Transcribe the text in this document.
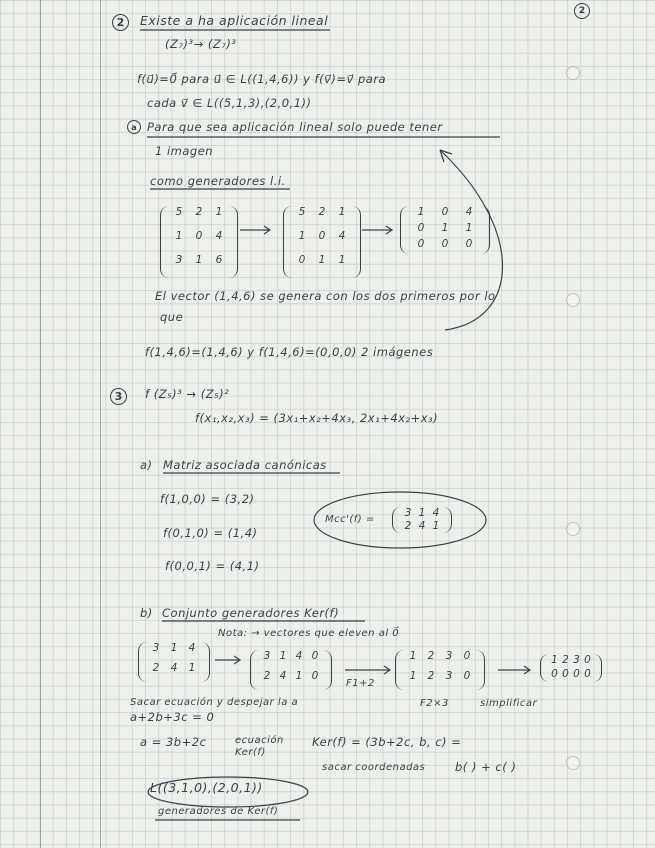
2
2	Existe a ha aplicación lineal
(Z₇)³→ (Z₇)³
f(u⃗)=0⃗ para u⃗ ∈ L((1,4,6)) y f(v⃗)=v⃗ para
cada v⃗ ∈ L((5,1,3),(2,0,1))
a Para que sea aplicación lineal solo puede tener
1 imagen
como generadores l.i.
5	2	1
1	0	4
3	1	6
5	2	1
1	0	4
0	1	1
1	0	4
0	1	1
0	0	0
El vector (1,4,6) se genera con los dos primeros por lo
que
f(1,4,6)=(1,4,6) y f(1,4,6)=(0,0,0) 2 imágenes
3	f (Z₅)³ → (Z₅)²
f(x₁,x₂,x₃) = (3x₁+x₂+4x₃, 2x₁+4x₂+x₃)
a) Matriz asociada canónicas
f(1,0,0) = (3,2)
f(0,1,0) = (1,4)
f(0,0,1) = (4,1)
Mcc'(f) =
3 1 4
2 4 1
b) Conjunto generadores Ker(f)
Nota: → vectores que eleven al 0⃗
3	1	4
2	4	1
3 1 4 0
2 4 1 0
1	2	3	0
1	2	3	0
1 2 3 0
0 0 0 0
F1+2
F2×3	simplificar
Sacar ecuación y despejar la a
a+2b+3c = 0
a = 3b+2c	ecuación Ker(f)
Ker(f) = (3b+2c, b, c) =
sacar coordenadas	b( ) + c( )
L((3,1,0),(2,0,1))
generadores de Ker(f)
